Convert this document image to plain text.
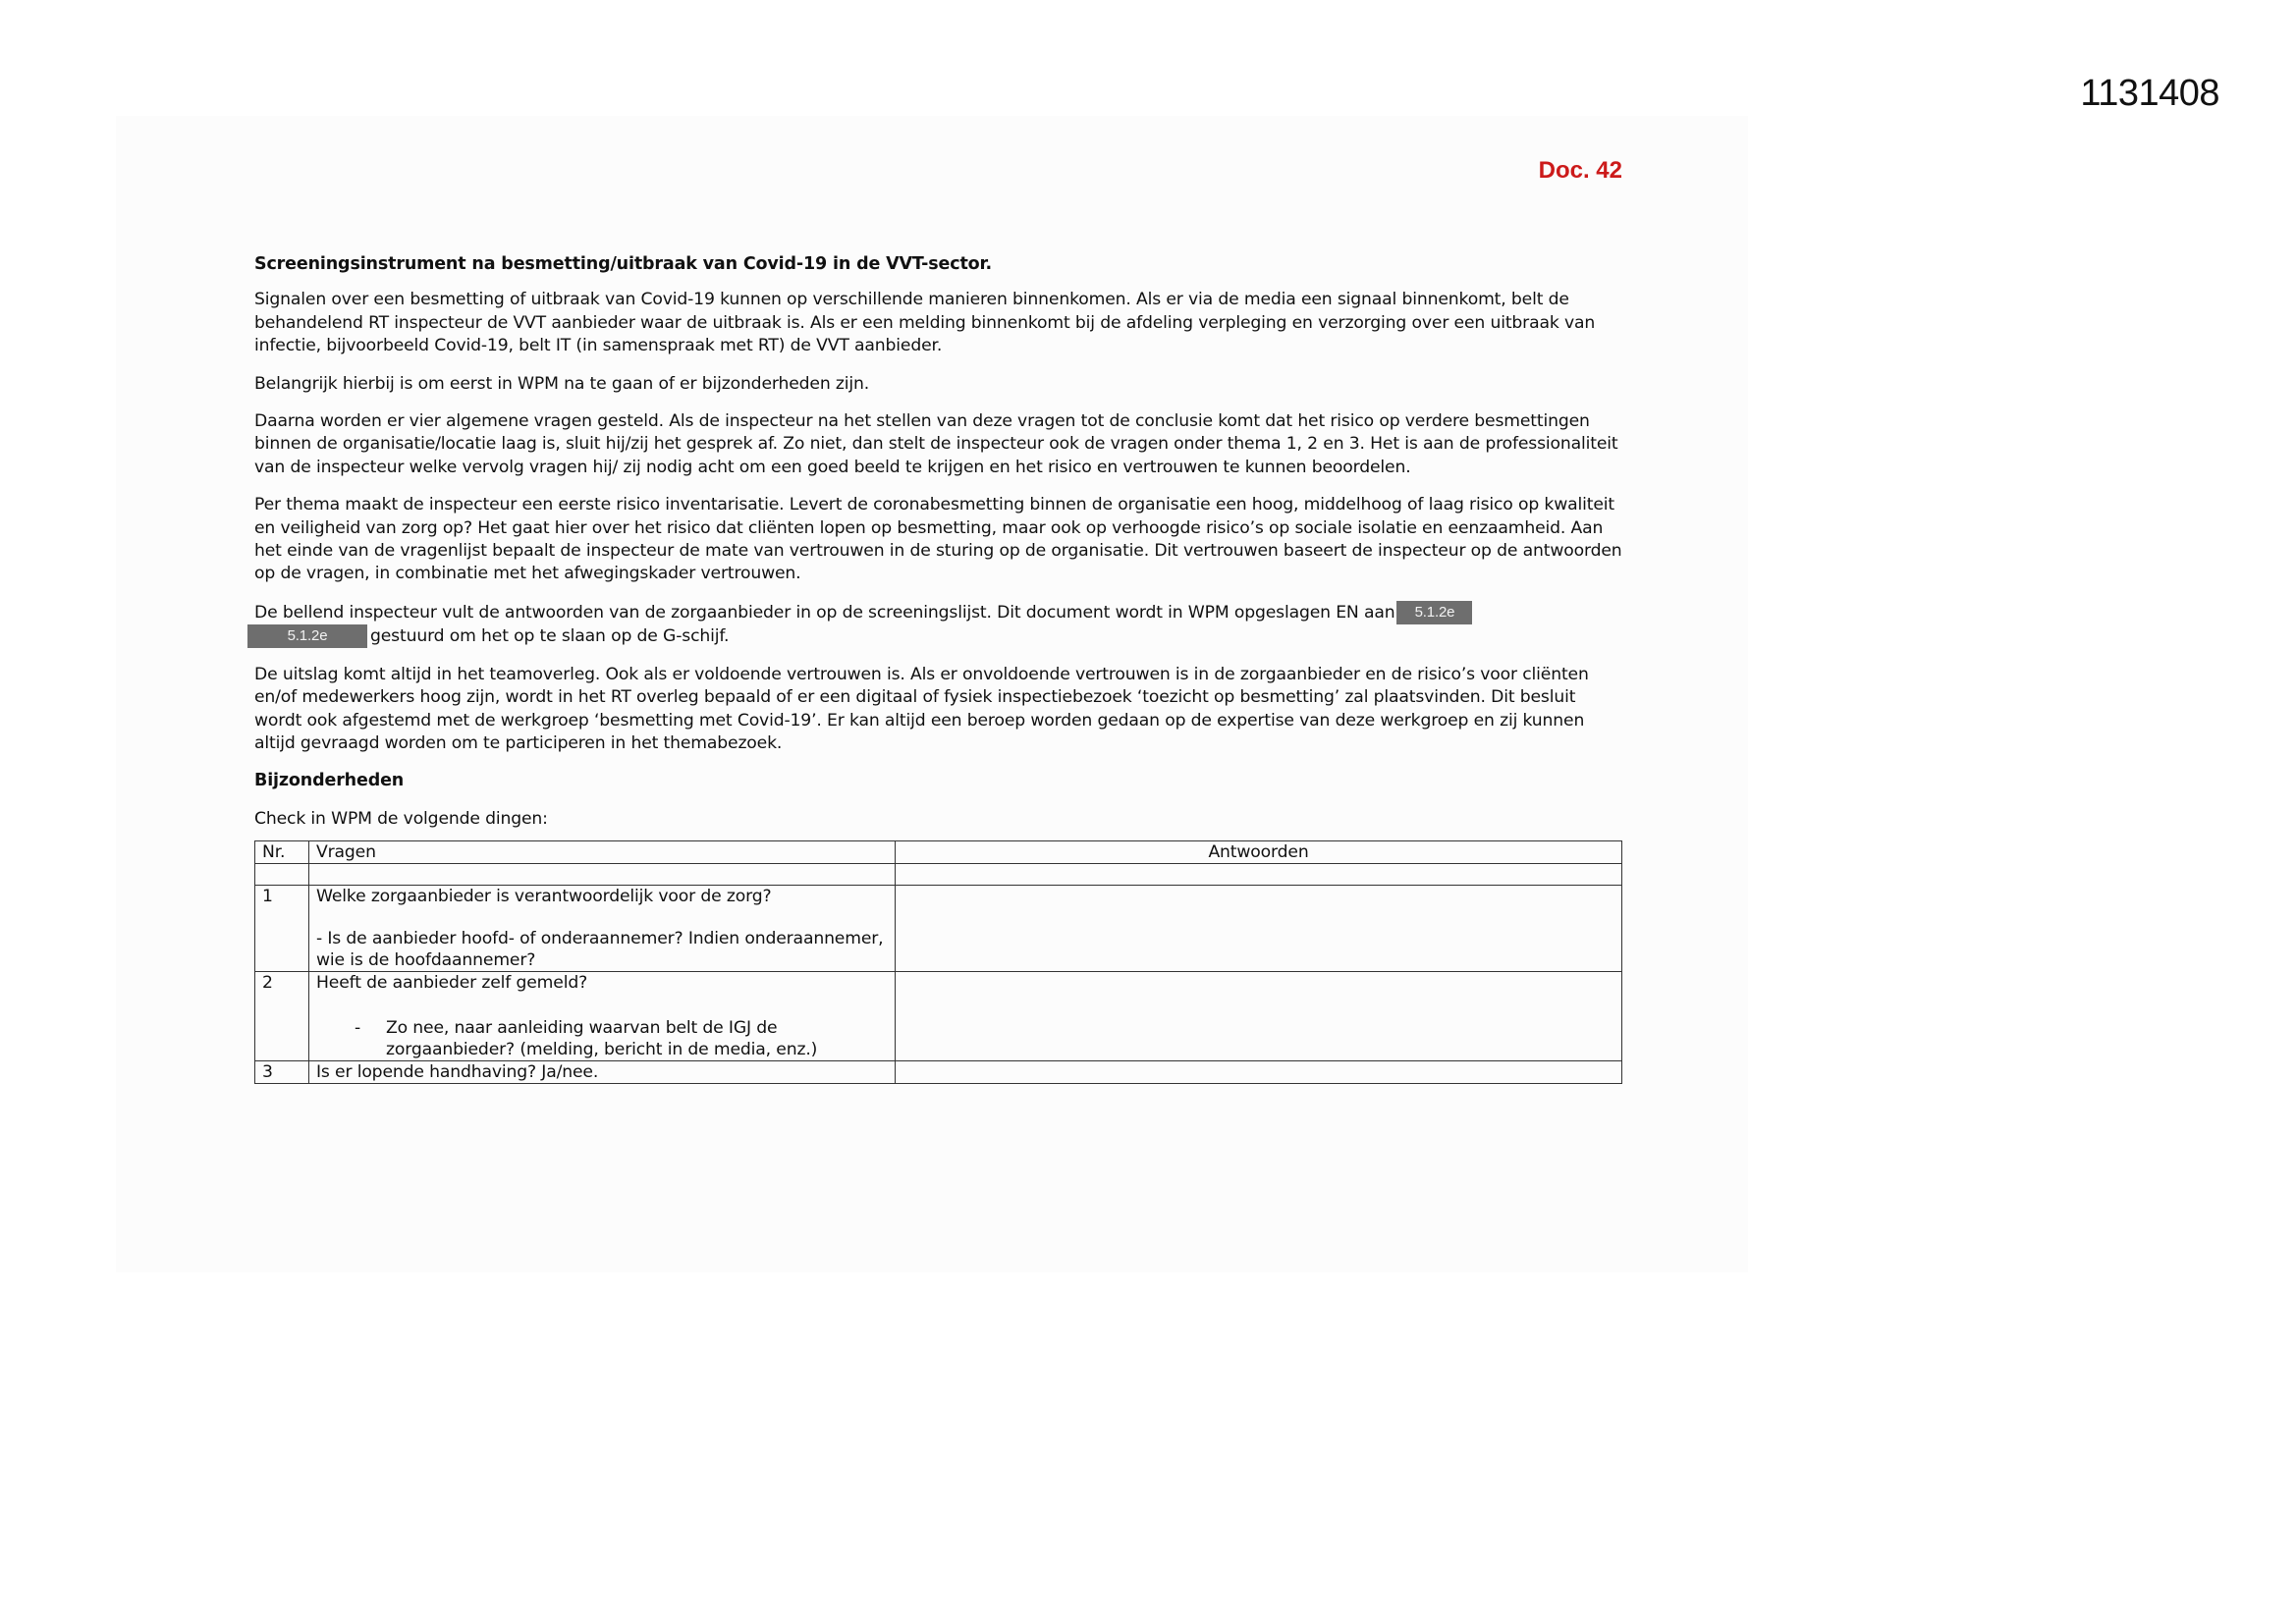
1131408
Doc. 42

Screeningsinstrument na besmetting/uitbraak van Covid-19 in de VVT-sector.

Signalen over een besmetting of uitbraak van Covid-19 kunnen op verschillende manieren binnenkomen. Als er via de media een signaal binnenkomt, belt de behandelend RT inspecteur de VVT aanbieder waar de uitbraak is. Als er een melding binnenkomt bij de afdeling verpleging en verzorging over een uitbraak van infectie, bijvoorbeeld Covid-19, belt IT (in samenspraak met RT) de VVT aanbieder.

Belangrijk hierbij is om eerst in WPM na te gaan of er bijzonderheden zijn.

Daarna worden er vier algemene vragen gesteld. Als de inspecteur na het stellen van deze vragen tot de conclusie komt dat het risico op verdere besmettingen binnen de organisatie/locatie laag is, sluit hij/zij het gesprek af. Zo niet, dan stelt de inspecteur ook de vragen onder thema 1, 2 en 3. Het is aan de professionaliteit van de inspecteur welke vervolg vragen hij/ zij nodig acht om een goed beeld te krijgen en het risico en vertrouwen te kunnen beoordelen.

Per thema maakt de inspecteur een eerste risico inventarisatie. Levert de coronabesmetting binnen de organisatie een hoog, middelhoog of laag risico op kwaliteit en veiligheid van zorg op? Het gaat hier over het risico dat cliënten lopen op besmetting, maar ook op verhoogde risico’s op sociale isolatie en eenzaamheid. Aan het einde van de vragenlijst bepaalt de inspecteur de mate van vertrouwen in de sturing op de organisatie. Dit vertrouwen baseert de inspecteur op de antwoorden op de vragen, in combinatie met het afwegingskader vertrouwen.

De bellend inspecteur vult de antwoorden van de zorgaanbieder in op de screeningslijst. Dit document wordt in WPM opgeslagen EN aan 5.1.2e
5.1.2e	gestuurd om het op te slaan op de G-schijf.

De uitslag komt altijd in het teamoverleg. Ook als er voldoende vertrouwen is. Als er onvoldoende vertrouwen is in de zorgaanbieder en de risico’s voor cliënten en/of medewerkers hoog zijn, wordt in het RT overleg bepaald of er een digitaal of fysiek inspectiebezoek ‘toezicht op besmetting’ zal plaatsvinden. Dit besluit wordt ook afgestemd met de werkgroep ‘besmetting met Covid-19’. Er kan altijd een beroep worden gedaan op de expertise van deze werkgroep en zij kunnen altijd gevraagd worden om te participeren in het themabezoek.

Bijzonderheden

Check in WPM de volgende dingen:

Nr.	Vragen	Antwoorden

1	Welke zorgaanbieder is verantwoordelijk voor de zorg?
- Is de aanbieder hoofd- of onderaannemer? Indien onderaannemer, wie is de hoofdaannemer?	

2	Heeft de aanbieder zelf gemeld?
- Zo nee, naar aanleiding waarvan belt de IGJ de zorgaanbieder? (melding, bericht in de media, enz.)	

3	Is er lopende handhaving? Ja/nee.	
